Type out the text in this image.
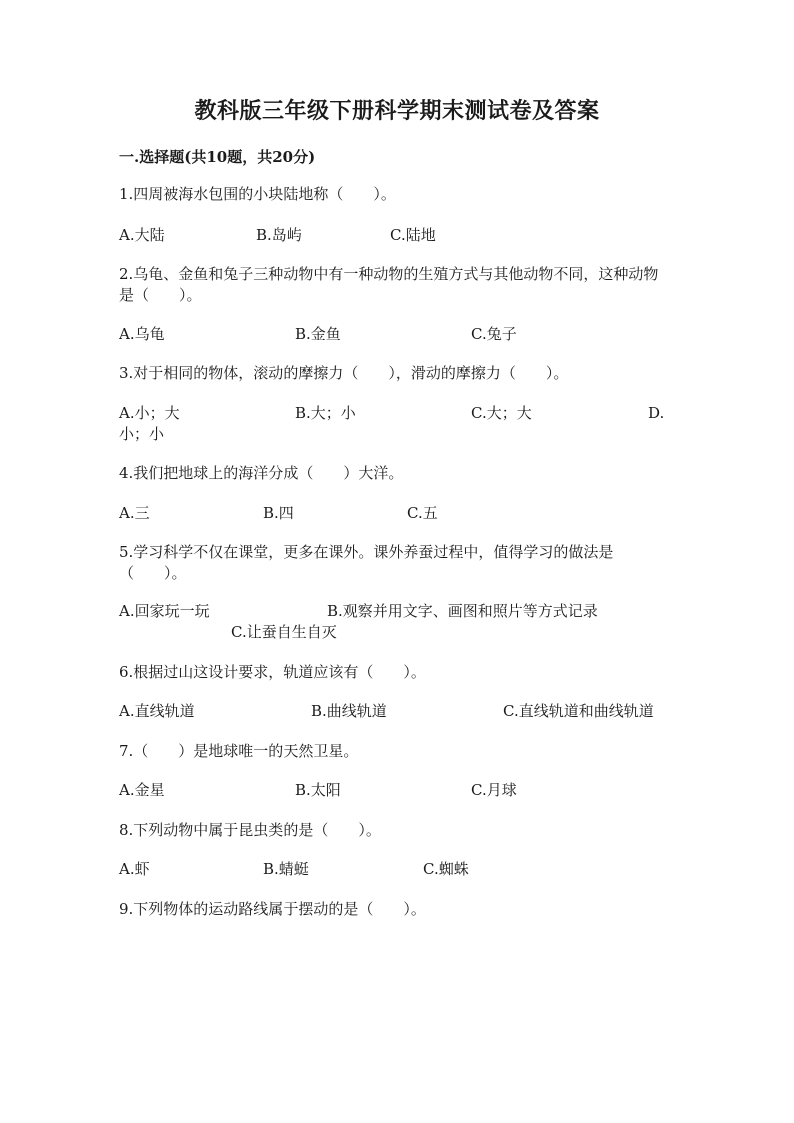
教科版三年级下册科学期末测试卷及答案
一.选择题(共10题，共20分)
1.四周被海水包围的小块陆地称（　　）。
A.大陆	B.岛屿	C.陆地
2.乌龟、金鱼和兔子三种动物中有一种动物的生殖方式与其他动物不同，这种动物是（　　）。
A.乌龟	B.金鱼	C.兔子
3.对于相同的物体，滚动的摩擦力（　　），滑动的摩擦力（　　）。
A.小；大	B.大；小	C.大；大	D.
小；小
4.我们把地球上的海洋分成（　　）大洋。
A.三	B.四	C.五
5.学习科学不仅在课堂，更多在课外。课外养蚕过程中，值得学习的做法是（　　）。
A.回家玩一玩	B.观察并用文字、画图和照片等方式记录
C.让蚕自生自灭
6.根据过山这设计要求，轨道应该有（　　）。
A.直线轨道	B.曲线轨道	C.直线轨道和曲线轨道
7.（　　）是地球唯一的天然卫星。
A.金星	B.太阳	C.月球
8.下列动物中属于昆虫类的是（　　）。
A.虾	B.蜻蜓	C.蜘蛛
9.下列物体的运动路线属于摆动的是（　　）。
